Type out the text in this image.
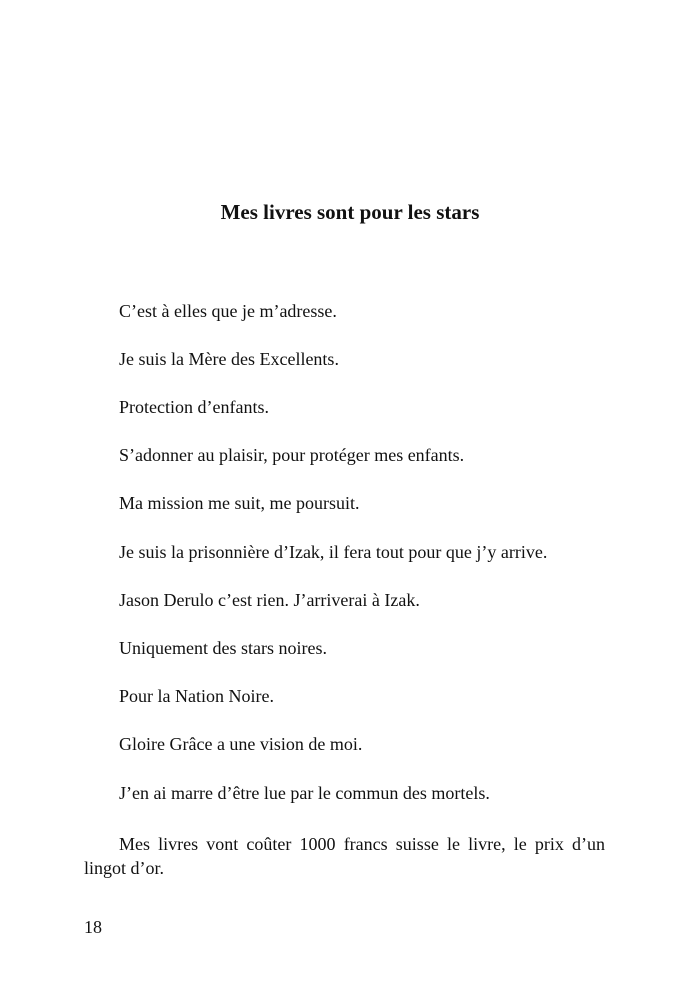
Mes livres sont pour les stars

C’est à elles que je m’adresse.

Je suis la Mère des Excellents.

Protection d’enfants.

S’adonner au plaisir, pour protéger mes enfants.

Ma mission me suit, me poursuit.

Je suis la prisonnière d’Izak, il fera tout pour que j’y arrive.

Jason Derulo c’est rien. J’arriverai à Izak.

Uniquement des stars noires.

Pour la Nation Noire.

Gloire Grâce a une vision de moi.

J’en ai marre d’être lue par le commun des mortels.

Mes livres vont coûter 1000 francs suisse le livre, le prix d’un lingot d’or.

18
